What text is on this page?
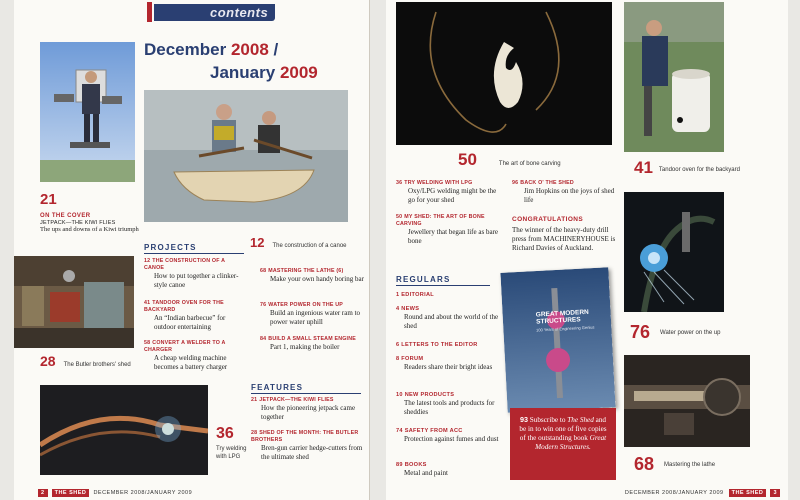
contents
December 2008 /
January 2009
21
ON THE COVER
JETPACK—THE KIWI FLIES
The ups and downs of a Kiwi triumph
12 The construction of a canoe
PROJECTS
12 THE CONSTRUCTION OF A CANOE
How to put together a clinker-style canoe
41 TANDOOR OVEN FOR THE BACKYARD
An “Indian barbecue” for outdoor entertaining
58 CONVERT A WELDER TO A CHARGER
A cheap welding machine becomes a battery charger
68 MASTERING THE LATHE (6)
Make your own handy boring bar
76 WATER POWER ON THE UP
Build an ingenious water ram to power water uphill
84 BUILD A SMALL STEAM ENGINE
Part 1, making the boiler
28 The Butler brothers' shed
FEATURES
21 JETPACK—THE KIWI FLIES
How the pioneering jetpack came together
28 SHED OF THE MONTH: THE BUTLER BROTHERS
Bren-gun carrier hedge-cutters from the ultimate shed
36
Try welding with LPG
2 THE SHED DECEMBER 2008/JANUARY 2009
50	The art of bone carving	41 Tandoor oven for the backyard
36 TRY WELDING WITH LPG
Oxy/LPG welding might be the go for your shed
50 MY SHED: THE ART OF BONE CARVING
Jewellery that began life as bare bone
96 BACK O' THE SHED
Jim Hopkins on the joys of shed life
CONGRATULATIONS
The winner of the heavy-duty drill press from MACHINERYHOUSE is Richard Davies of Auckland.
REGULARS
1 EDITORIAL
4 NEWS
Round and about the world of the shed
6 LETTERS TO THE EDITOR
8 FORUM
Readers share their bright ideas
10 NEW PRODUCTS
The latest tools and products for sheddies
74 SAFETY FROM ACC
Protection against fumes and dust
89 BOOKS
Metal and paint
GREAT MODERN STRUCTURES
100 Years of Engineering Genius
93 Subscribe to The Shed and be in to win one of five copies of the outstanding book Great Modern Structures.
76 Water power on the up
68 Mastering the lathe
DECEMBER 2008/JANUARY 2009 THE SHED 3
